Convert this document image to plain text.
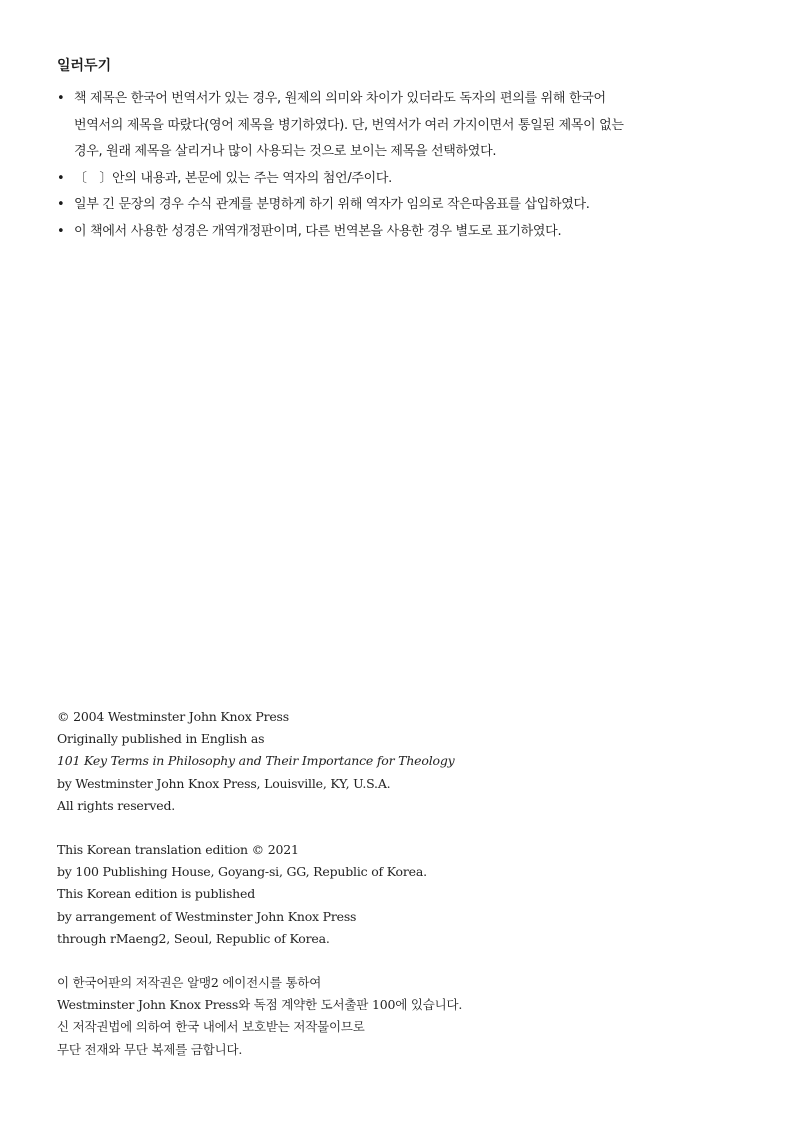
일러두기
• 책 제목은 한국어 번역서가 있는 경우, 원제의 의미와 차이가 있더라도 독자의 편의를 위해 한국어
번역서의 제목을 따랐다(영어 제목을 병기하였다). 단, 번역서가 여러 가지이면서 통일된 제목이 없는
경우, 원래 제목을 살리거나 많이 사용되는 것으로 보이는 제목을 선택하였다.
• 〔　〕안의 내용과, 본문에 있는 주는 역자의 첨언/주이다.
• 일부 긴 문장의 경우 수식 관계를 분명하게 하기 위해 역자가 임의로 작은따옴표를 삽입하였다.
• 이 책에서 사용한 성경은 개역개정판이며, 다른 번역본을 사용한 경우 별도로 표기하였다.
© 2004 Westminster John Knox Press
Originally published in English as
101 Key Terms in Philosophy and Their Importance for Theology
by Westminster John Knox Press, Louisville, KY, U.S.A.
All rights reserved.
This Korean translation edition © 2021
by 100 Publishing House, Goyang-si, GG, Republic of Korea.
This Korean edition is published
by arrangement of Westminster John Knox Press
through rMaeng2, Seoul, Republic of Korea.
이 한국어판의 저작권은 알맹2 에이전시를 통하여
Westminster John Knox Press와 독점 계약한 도서출판 100에 있습니다.
신 저작권법에 의하여 한국 내에서 보호받는 저작물이므로
무단 전재와 무단 복제를 금합니다.
